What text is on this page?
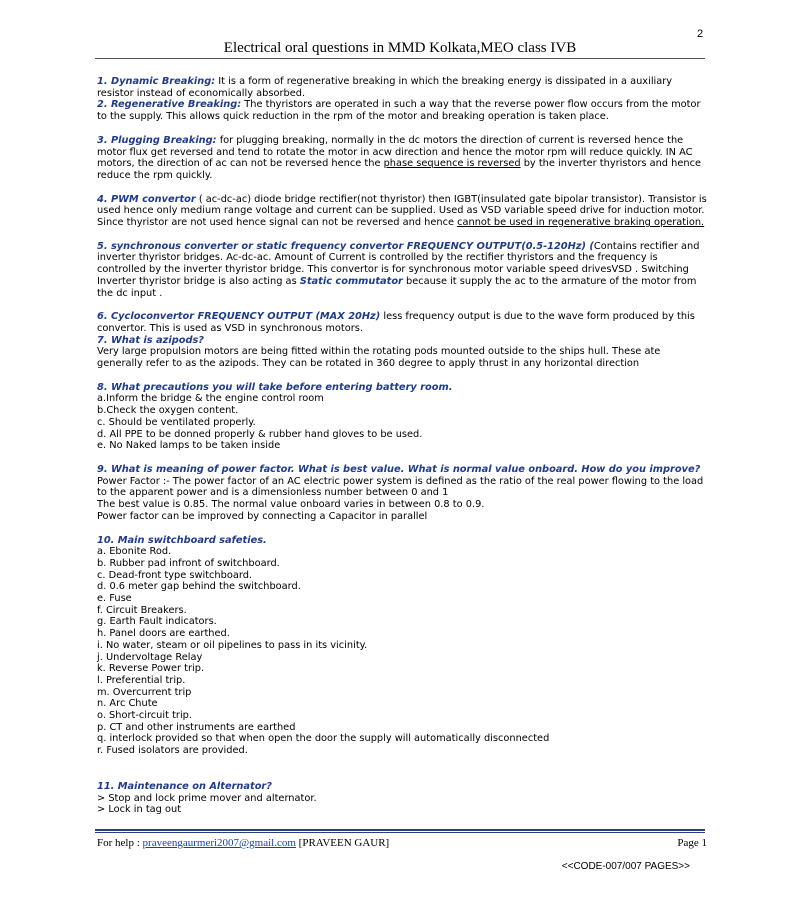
2
Electrical oral questions in MMD Kolkata,MEO class IVB

1. Dynamic Breaking: It is a form of regenerative breaking in which the breaking energy is dissipated in a auxiliary resistor instead of economically absorbed.

2. Regenerative Breaking: The thyristors are operated in such a way that the reverse power flow occurs from the motor to the supply. This allows quick reduction in the rpm of the motor and breaking operation is taken place.

3. Plugging Breaking: for plugging breaking, normally in the dc motors the direction of current is reversed hence the motor flux get reversed and tend to rotate the motor in acw direction and hence the motor rpm will reduce quickly. IN AC motors, the direction of ac can not be reversed hence the phase sequence is reversed by the inverter thyristors and hence reduce the rpm quickly.

4. PWM convertor ( ac-dc-ac) diode bridge rectifier(not thyristor) then IGBT(insulated gate bipolar transistor). Transistor is used hence only medium range voltage and current can be supplied. Used as VSD variable speed drive for induction motor. Since thyristor are not used hence signal can not be reversed and hence cannot be used in regenerative braking operation.

5. synchronous converter or static frequency convertor FREQUENCY OUTPUT(0.5-120Hz) (Contains rectifier and inverter thyristor bridges. Ac-dc-ac. Amount of Current is controlled by the rectifier thyristors and the frequency is controlled by the inverter thyristor bridge. This convertor is for synchronous motor variable speed drivesVSD . Switching Inverter thyristor bridge is also acting as Static commutator because it supply the ac to the armature of the motor from the dc input .

6. Cycloconvertor FREQUENCY OUTPUT (MAX 20Hz) less frequency output is due to the wave form produced by this convertor. This is used as VSD in synchronous motors.

7. What is azipods?

Very large propulsion motors are being fitted within the rotating pods mounted outside to the ships hull. These ate generally refer to as the azipods. They can be rotated in 360 degree to apply thrust in any horizontal direction

8. What precautions you will take before entering battery room.

a.Inform the bridge & the engine control room

b.Check the oxygen content.

c. Should be ventilated properly.

d. All PPE to be donned properly & rubber hand gloves to be used.

e. No Naked lamps to be taken inside

9. What is meaning of power factor. What is best value. What is normal value onboard. How do you improve?

Power Factor :- The power factor of an AC electric power system is defined as the ratio of the real power flowing to the load to the apparent power and is a dimensionless number between 0 and 1

The best value is 0.85. The normal value onboard varies in between 0.8 to 0.9.

Power factor can be improved by connecting a Capacitor in parallel

10. Main switchboard safeties.

a. Ebonite Rod.

b. Rubber pad infront of switchboard.

c. Dead-front type switchboard.

d. 0.6 meter gap behind the switchboard.

e. Fuse

f. Circuit Breakers.

g. Earth Fault indicators.

h. Panel doors are earthed.

i. No water, steam or oil pipelines to pass in its vicinity.

j. Undervoltage Relay

k. Reverse Power trip.

l. Preferential trip.

m. Overcurrent trip

n. Arc Chute

o. Short-circuit trip.

p. CT and other instruments are earthed

q. interlock provided so that when open the door the supply will automatically disconnected

r. Fused isolators are provided.

11. Maintenance on Alternator?

> Stop and lock prime mover and alternator.

> Lock in tag out

For help : praveengaurmeri2007@gmail.com [PRAVEEN GAUR]	Page 1
<<CODE-007/007 PAGES>>
